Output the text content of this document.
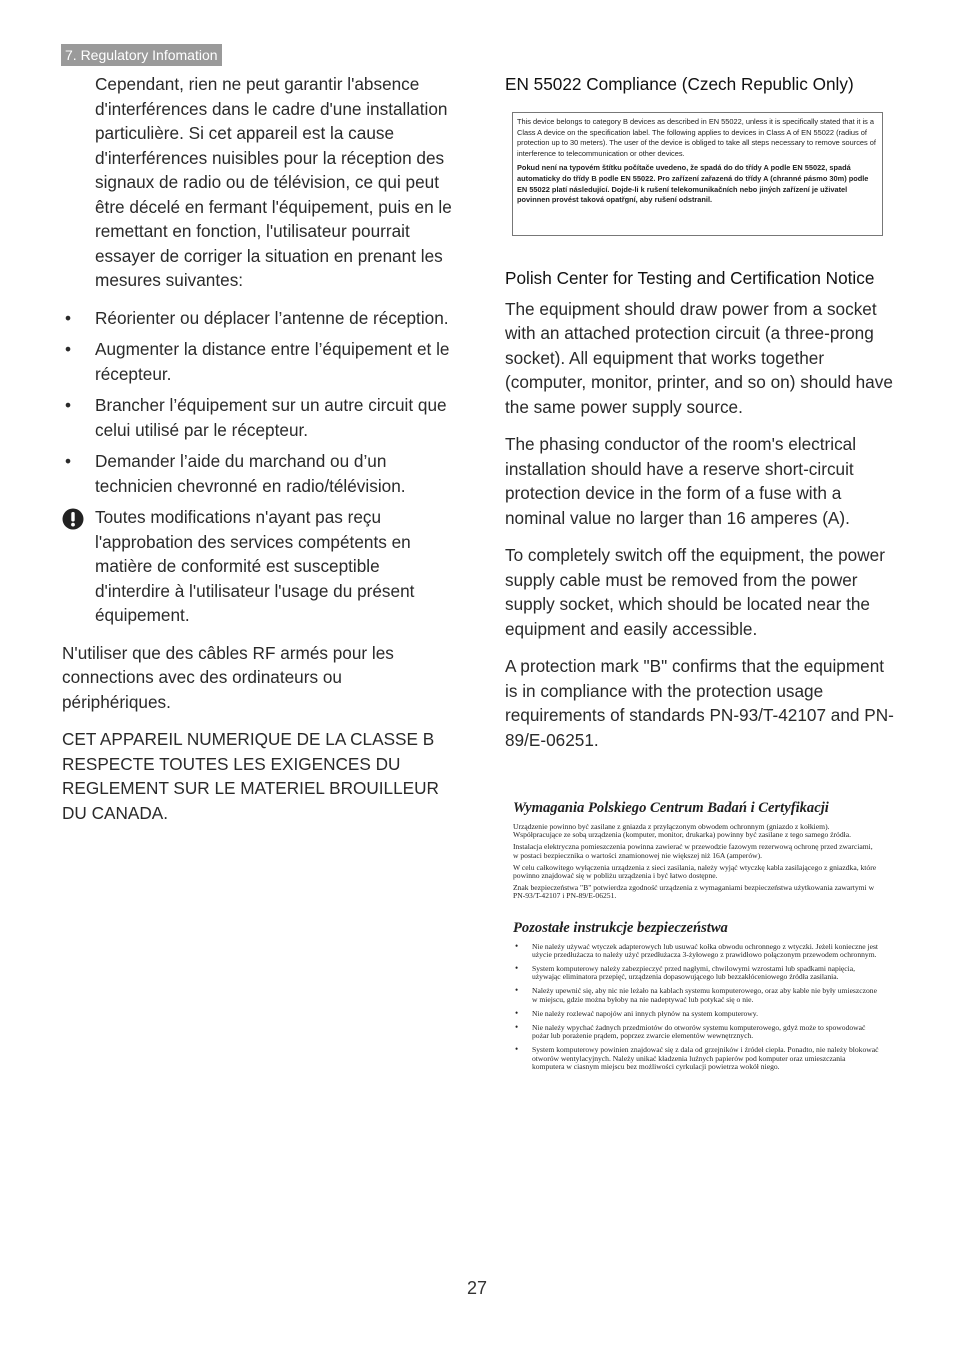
7. Regulatory Infomation

Cependant, rien ne peut garantir l'absence d'interférences dans le cadre d'une installation particulière. Si cet appareil est la cause d'interférences nuisibles pour la réception des signaux de radio ou de télévision, ce qui peut être décelé en fermant l'équipement, puis en le remettant en fonction, l'utilisateur pourrait essayer de corriger la situation en prenant les mesures suivantes:

• Réorienter ou déplacer l’antenne de réception.
• Augmenter la distance entre l’équipement et le récepteur.
• Brancher l’équipement sur un autre circuit que celui utilisé par le récepteur.
• Demander l’aide du marchand ou d’un technicien chevronné en radio/télévision.
Toutes modifications n'ayant pas reçu l'approbation des services compétents en matière de conformité est susceptible d'interdire à l'utilisateur l'usage du présent équipement.

N'utiliser que des câbles RF armés pour les connections avec des ordinateurs ou périphériques.

CET APPAREIL NUMERIQUE DE LA CLASSE B RESPECTE TOUTES LES EXIGENCES DU REGLEMENT SUR LE MATERIEL BROUILLEUR DU CANADA.

EN 55022 Compliance (Czech Republic Only)

This device belongs to category B devices as described in EN 55022, unless it is specifically stated that it is a Class A device on the specification label. The following applies to devices in Class A of EN 55022 (radius of protection up to 30 meters). The user of the device is obliged to take all steps necessary to remove sources of interference to telecommunication or other devices.

Pokud není na typovém štítku počítače uvedeno, že spadá do do třídy A podle EN 55022, spadá automaticky do třídy B podle EN 55022. Pro zařízení zařazená do třídy A (chranné pásmo 30m) podle EN 55022 platí následující. Dojde-li k rušení telekomunikačních nebo jiných zařízení je uživatel povinnen provést taková opatřgní, aby rušení odstranil.

Polish Center for Testing and Certification Notice

The equipment should draw power from a socket with an attached protection circuit (a three-prong socket). All equipment that works together (computer, monitor, printer, and so on) should have the same power supply source.

The phasing conductor of the room's electrical installation should have a reserve short-circuit protection device in the form of a fuse with a nominal value no larger than 16 amperes (A).

To completely switch off the equipment, the power supply cable must be removed from the power supply socket, which should be located near the equipment and easily accessible.

A protection mark "B" confirms that the equipment is in compliance with the protection usage requirements of standards PN-93/T-42107 and PN-89/E-06251.

Wymagania Polskiego Centrum Badań i Certyfikacji

Urządzenie powinno być zasilane z gniazda z przyłączonym obwodem ochronnym (gniazdo z kołkiem). Współpracujące ze sobą urządzenia (komputer, monitor, drukarka) powinny być zasilane z tego samego źródła.

Instalacja elektryczna pomieszczenia powinna zawierać w przewodzie fazowym rezerwową ochronę przed zwarciami, w postaci bezpiecznika o wartości znamionowej nie większej niż 16A (amperów).

W celu całkowitego wyłączenia urządzenia z sieci zasilania, należy wyjąć wtyczkę kabla zasilającego z gniazdka, które powinno znajdować się w pobliżu urządzenia i być łatwo dostępne.

Znak bezpieczeństwa "B" potwierdza zgodność urządzenia z wymaganiami bezpieczeństwa użytkowania zawartymi w PN-93/T-42107 i PN-89/E-06251.

Pozostałe instrukcje bezpieczeństwa
• Nie należy używać wtyczek adapterowych lub usuwać kołka obwodu ochronnego z wtyczki. Jeżeli konieczne jest użycie przedłużacza to należy użyć przedłużacza 3-żyłowego z prawidłowo połączonym przewodem ochronnym.
• System komputerowy należy zabezpieczyć przed nagłymi, chwilowymi wzrostami lub spadkami napięcia, używając eliminatora przepięć, urządzenia dopasowującego lub bezzakłóceniowego źródła zasilania.
• Należy upewnić się, aby nic nie leżało na kablach systemu komputerowego, oraz aby kable nie były umieszczone w miejscu, gdzie można byłoby na nie nadeptywać lub potykać się o nie.
• Nie należy rozlewać napojów ani innych płynów na system komputerowy.
• Nie należy wpychać żadnych przedmiotów do otworów systemu komputerowego, gdyż może to spowodować pożar lub porażenie prądem, poprzez zwarcie elementów wewnętrznych.
• System komputerowy powinien znajdować się z dala od grzejników i źródeł ciepła. Ponadto, nie należy blokować otworów wentylacyjnych. Należy unikać kładzenia luźnych papierów pod komputer oraz umieszczania komputera w ciasnym miejscu bez możliwości cyrkulacji powietrza wokół niego.
27
